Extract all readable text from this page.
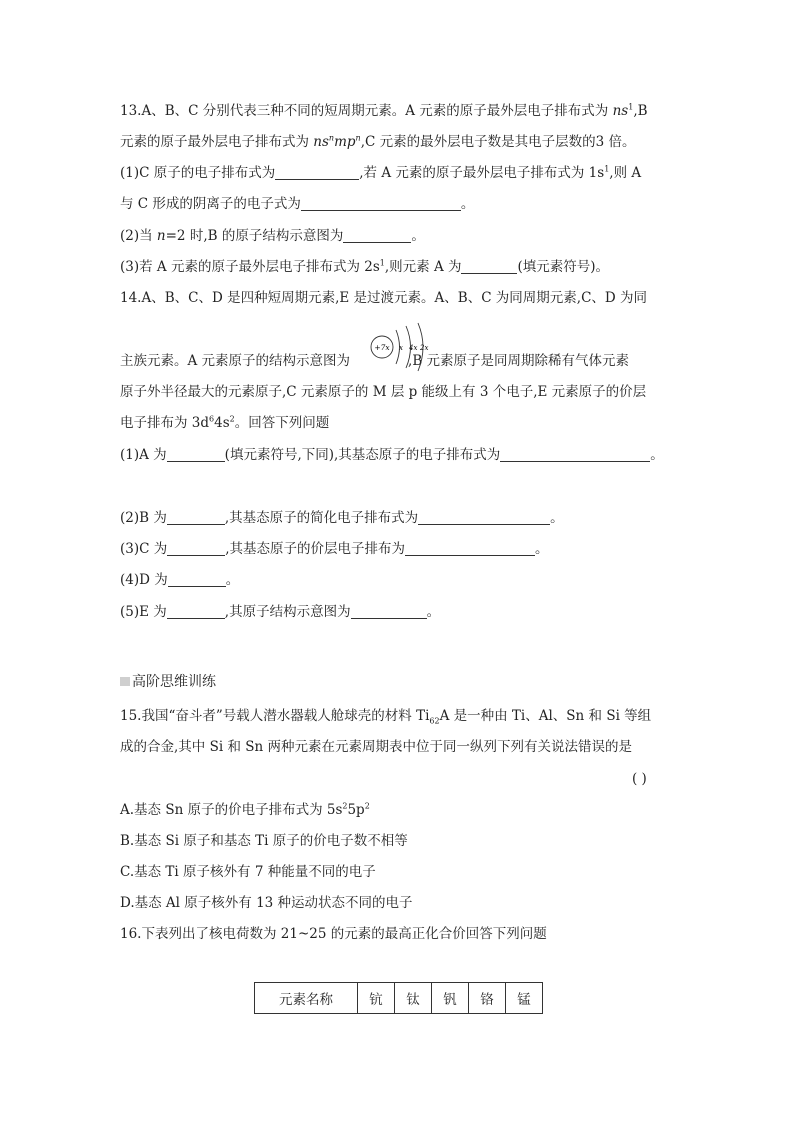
13.A、B、C 分别代表三种不同的短周期元素。A 元素的原子最外层电子排布式为 $ns^1,B$
元素的原子最外层电子排布式为 $ns^nmp^n,C$ 元素的最外层电子数是其电子层数的3 倍。
(1)C 原子的电子排布式为	,若 A 元素的原子最外层电子排布式为 $1s^1$,则 A
与 C 形成的阴离子的电子式为	。
(2)当 n=2 时,B 的原子结构示意图为	。
(3)若 A 元素的原子最外层电子排布式为 $2s^1$,则元素 A 为	(填元素符号)。
14.A、B、C、D 是四种短周期元素,E 是过渡元素。A、B、C 为同周期元素,C、D 为同
主族元素。A 元素原子的结构示意图为	,B 元素原子是同周期除稀有气体元素
+7x x 4x 2x
原子外半径最大的元素原子,C 元素原子的 M 层 p 能级上有 3 个电子,E 元素原子的价层
电子排布为 $3d^64s^2$。回答下列问题
(1)A 为	(填元素符号,下同),其基态原子的电子排布式为	。
(2)B 为	,其基态原子的简化电子排布式为	。
(3)C 为	,其基态原子的价层电子排布为	。
(4)D 为	。
(5)E 为	,其原子结构示意图为	。
高阶思维训练
15.我国“奋斗者”号载人潜水器载人舱球壳的材料 $Ti_{62}A$ 是一种由 Ti、Al、Sn 和 Si 等组
成的合金,其中 Si 和 Sn 两种元素在元素周期表中位于同一纵列下列有关说法错误的是
( )
A.基态 Sn 原子的价电子排布式为 $5s^25p^2$
B.基态 Si 原子和基态 Ti 原子的价电子数不相等
C.基态 Ti 原子核外有 7 种能量不同的电子
D.基态 Al 原子核外有 13 种运动状态不同的电子
16.下表列出了核电荷数为 21~25 的元素的最高正化合价回答下列问题
元素名称	钪	钛	钒	铬	锰
